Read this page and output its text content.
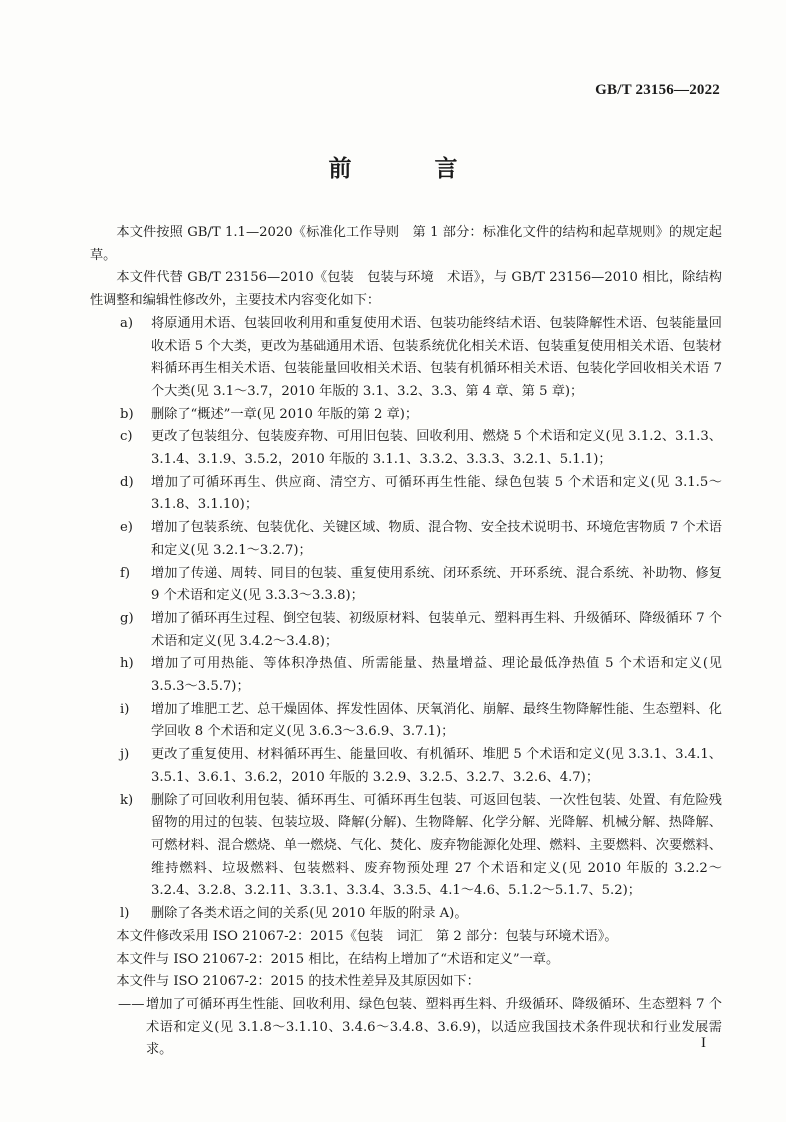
GB/T 23156—2022
前　言

本文件按照 GB/T 1.1—2020《标准化工作导则　第 1 部分：标准化文件的结构和起草规则》的规定起草。

本文件代替 GB/T 23156—2010《包装　包装与环境　术语》，与 GB/T 23156—2010 相比，除结构性调整和编辑性修改外，主要技术内容变化如下：

a)	将原通用术语、包装回收利用和重复使用术语、包装功能终结术语、包装降解性术语、包装能量回收术语 5 个大类，更改为基础通用术语、包装系统优化相关术语、包装重复使用相关术语、包装材料循环再生相关术语、包装能量回收相关术语、包装有机循环相关术语、包装化学回收相关术语 7 个大类(见 3.1～3.7，2010 年版的 3.1、3.2、3.3、第 4 章、第 5 章)；
b)	删除了“概述”一章(见 2010 年版的第 2 章)；
c)	更改了包装组分、包装废弃物、可用旧包装、回收利用、燃烧 5 个术语和定义(见 3.1.2、3.1.3、3.1.4、3.1.9、3.5.2，2010 年版的 3.1.1、3.3.2、3.3.3、3.2.1、5.1.1)；
d)	增加了可循环再生、供应商、清空方、可循环再生性能、绿色包装 5 个术语和定义(见 3.1.5～3.1.8、3.1.10)；
e)	增加了包装系统、包装优化、关键区域、物质、混合物、安全技术说明书、环境危害物质 7 个术语和定义(见 3.2.1～3.2.7)；
f)	增加了传递、周转、同目的包装、重复使用系统、闭环系统、开环系统、混合系统、补助物、修复 9 个术语和定义(见 3.3.3～3.3.8)；
g)	增加了循环再生过程、倒空包装、初级原材料、包装单元、塑料再生料、升级循环、降级循环 7 个术语和定义(见 3.4.2～3.4.8)；
h)	增加了可用热能、等体积净热值、所需能量、热量增益、理论最低净热值 5 个术语和定义(见 3.5.3～3.5.7)；
i)	增加了堆肥工艺、总干燥固体、挥发性固体、厌氧消化、崩解、最终生物降解性能、生态塑料、化学回收 8 个术语和定义(见 3.6.3～3.6.9、3.7.1)；
j)	更改了重复使用、材料循环再生、能量回收、有机循环、堆肥 5 个术语和定义(见 3.3.1、3.4.1、3.5.1、3.6.1、3.6.2，2010 年版的 3.2.9、3.2.5、3.2.7、3.2.6、4.7)；
k)	删除了可回收利用包装、循环再生、可循环再生包装、可返回包装、一次性包装、处置、有危险残留物的用过的包装、包装垃圾、降解(分解)、生物降解、化学分解、光降解、机械分解、热降解、可燃材料、混合燃烧、单一燃烧、气化、焚化、废弃物能源化处理、燃料、主要燃料、次要燃料、维持燃料、垃圾燃料、包装燃料、废弃物预处理 27 个术语和定义(见 2010 年版的 3.2.2～3.2.4、3.2.8、3.2.11、3.3.1、3.3.4、3.3.5、4.1～4.6、5.1.2～5.1.7、5.2)；
l)	删除了各类术语之间的关系(见 2010 年版的附录 A)。

本文件修改采用 ISO 21067-2：2015《包装　词汇　第 2 部分：包装与环境术语》。

本文件与 ISO 21067-2：2015 相比，在结构上增加了“术语和定义”一章。

本文件与 ISO 21067-2：2015 的技术性差异及其原因如下：

—— 增加了可循环再生性能、回收利用、绿色包装、塑料再生料、升级循环、降级循环、生态塑料 7 个术语和定义(见 3.1.8～3.1.10、3.4.6～3.4.8、3.6.9)，以适应我国技术条件现状和行业发展需求。	I
